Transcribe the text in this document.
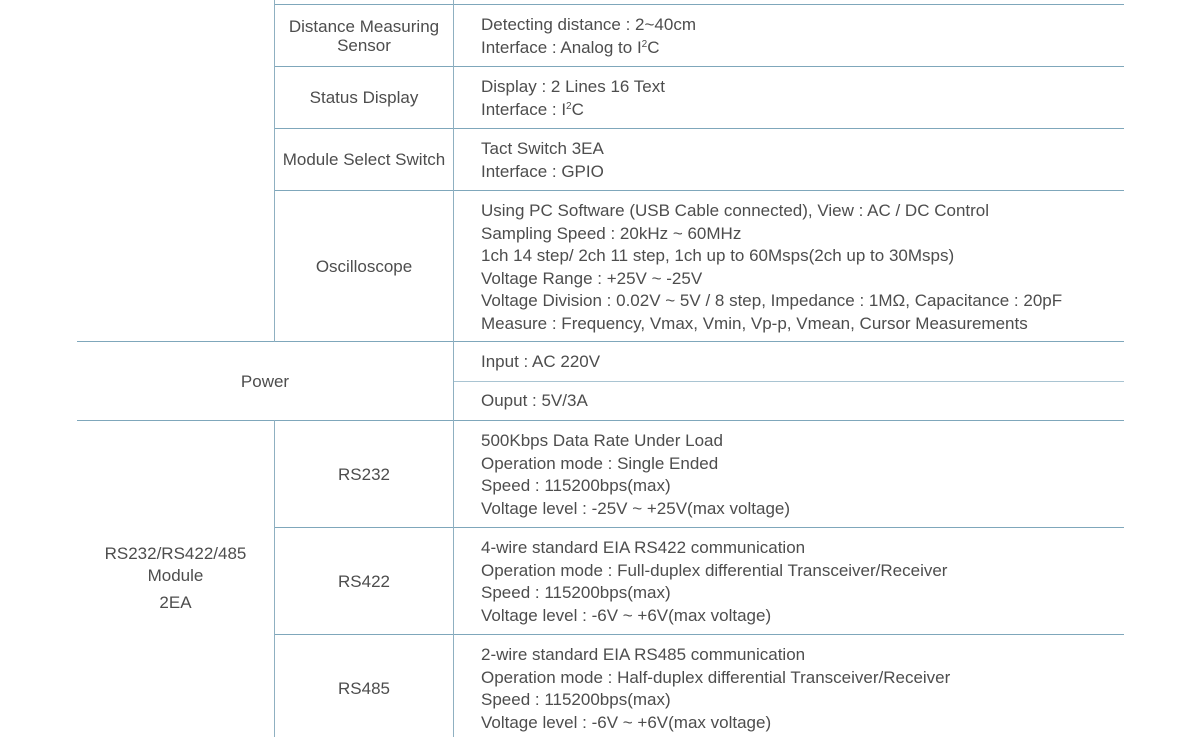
Distance Measuring
Sensor
Detecting distance : 2~40cm
Interface : Analog to $I^2C$
Status Display
Display : 2 Lines 16 Text
Interface : $I^2C$
Module Select Switch
Tact Switch 3EA
Interface : GPIO
Oscilloscope
Using PC Software (USB Cable connected), View : AC / DC Control
Sampling Speed : 20kHz ~ 60MHz
1ch 14 step/ 2ch 11 step, 1ch up to 60Msps(2ch up to 30Msps)
Voltage Range : +25V ~ -25V
Voltage Division : 0.02V ~ 5V / 8 step, Impedance : 1MΩ, Capacitance : 20pF
Measure : Frequency, Vmax, Vmin, Vp-p, Vmean, Cursor Measurements
Power
Input : AC 220V
Ouput : 5V/3A
RS232/RS422/485
Module
2EA
RS232
500Kbps Data Rate Under Load
Operation mode : Single Ended
Speed : 115200bps(max)
Voltage level : -25V ~ +25V(max voltage)
RS422
4-wire standard EIA RS422 communication
Operation mode : Full-duplex differential Transceiver/Receiver
Speed : 115200bps(max)
Voltage level : -6V ~ +6V(max voltage)
RS485
2-wire standard EIA RS485 communication
Operation mode : Half-duplex differential Transceiver/Receiver
Speed : 115200bps(max)
Voltage level : -6V ~ +6V(max voltage)
